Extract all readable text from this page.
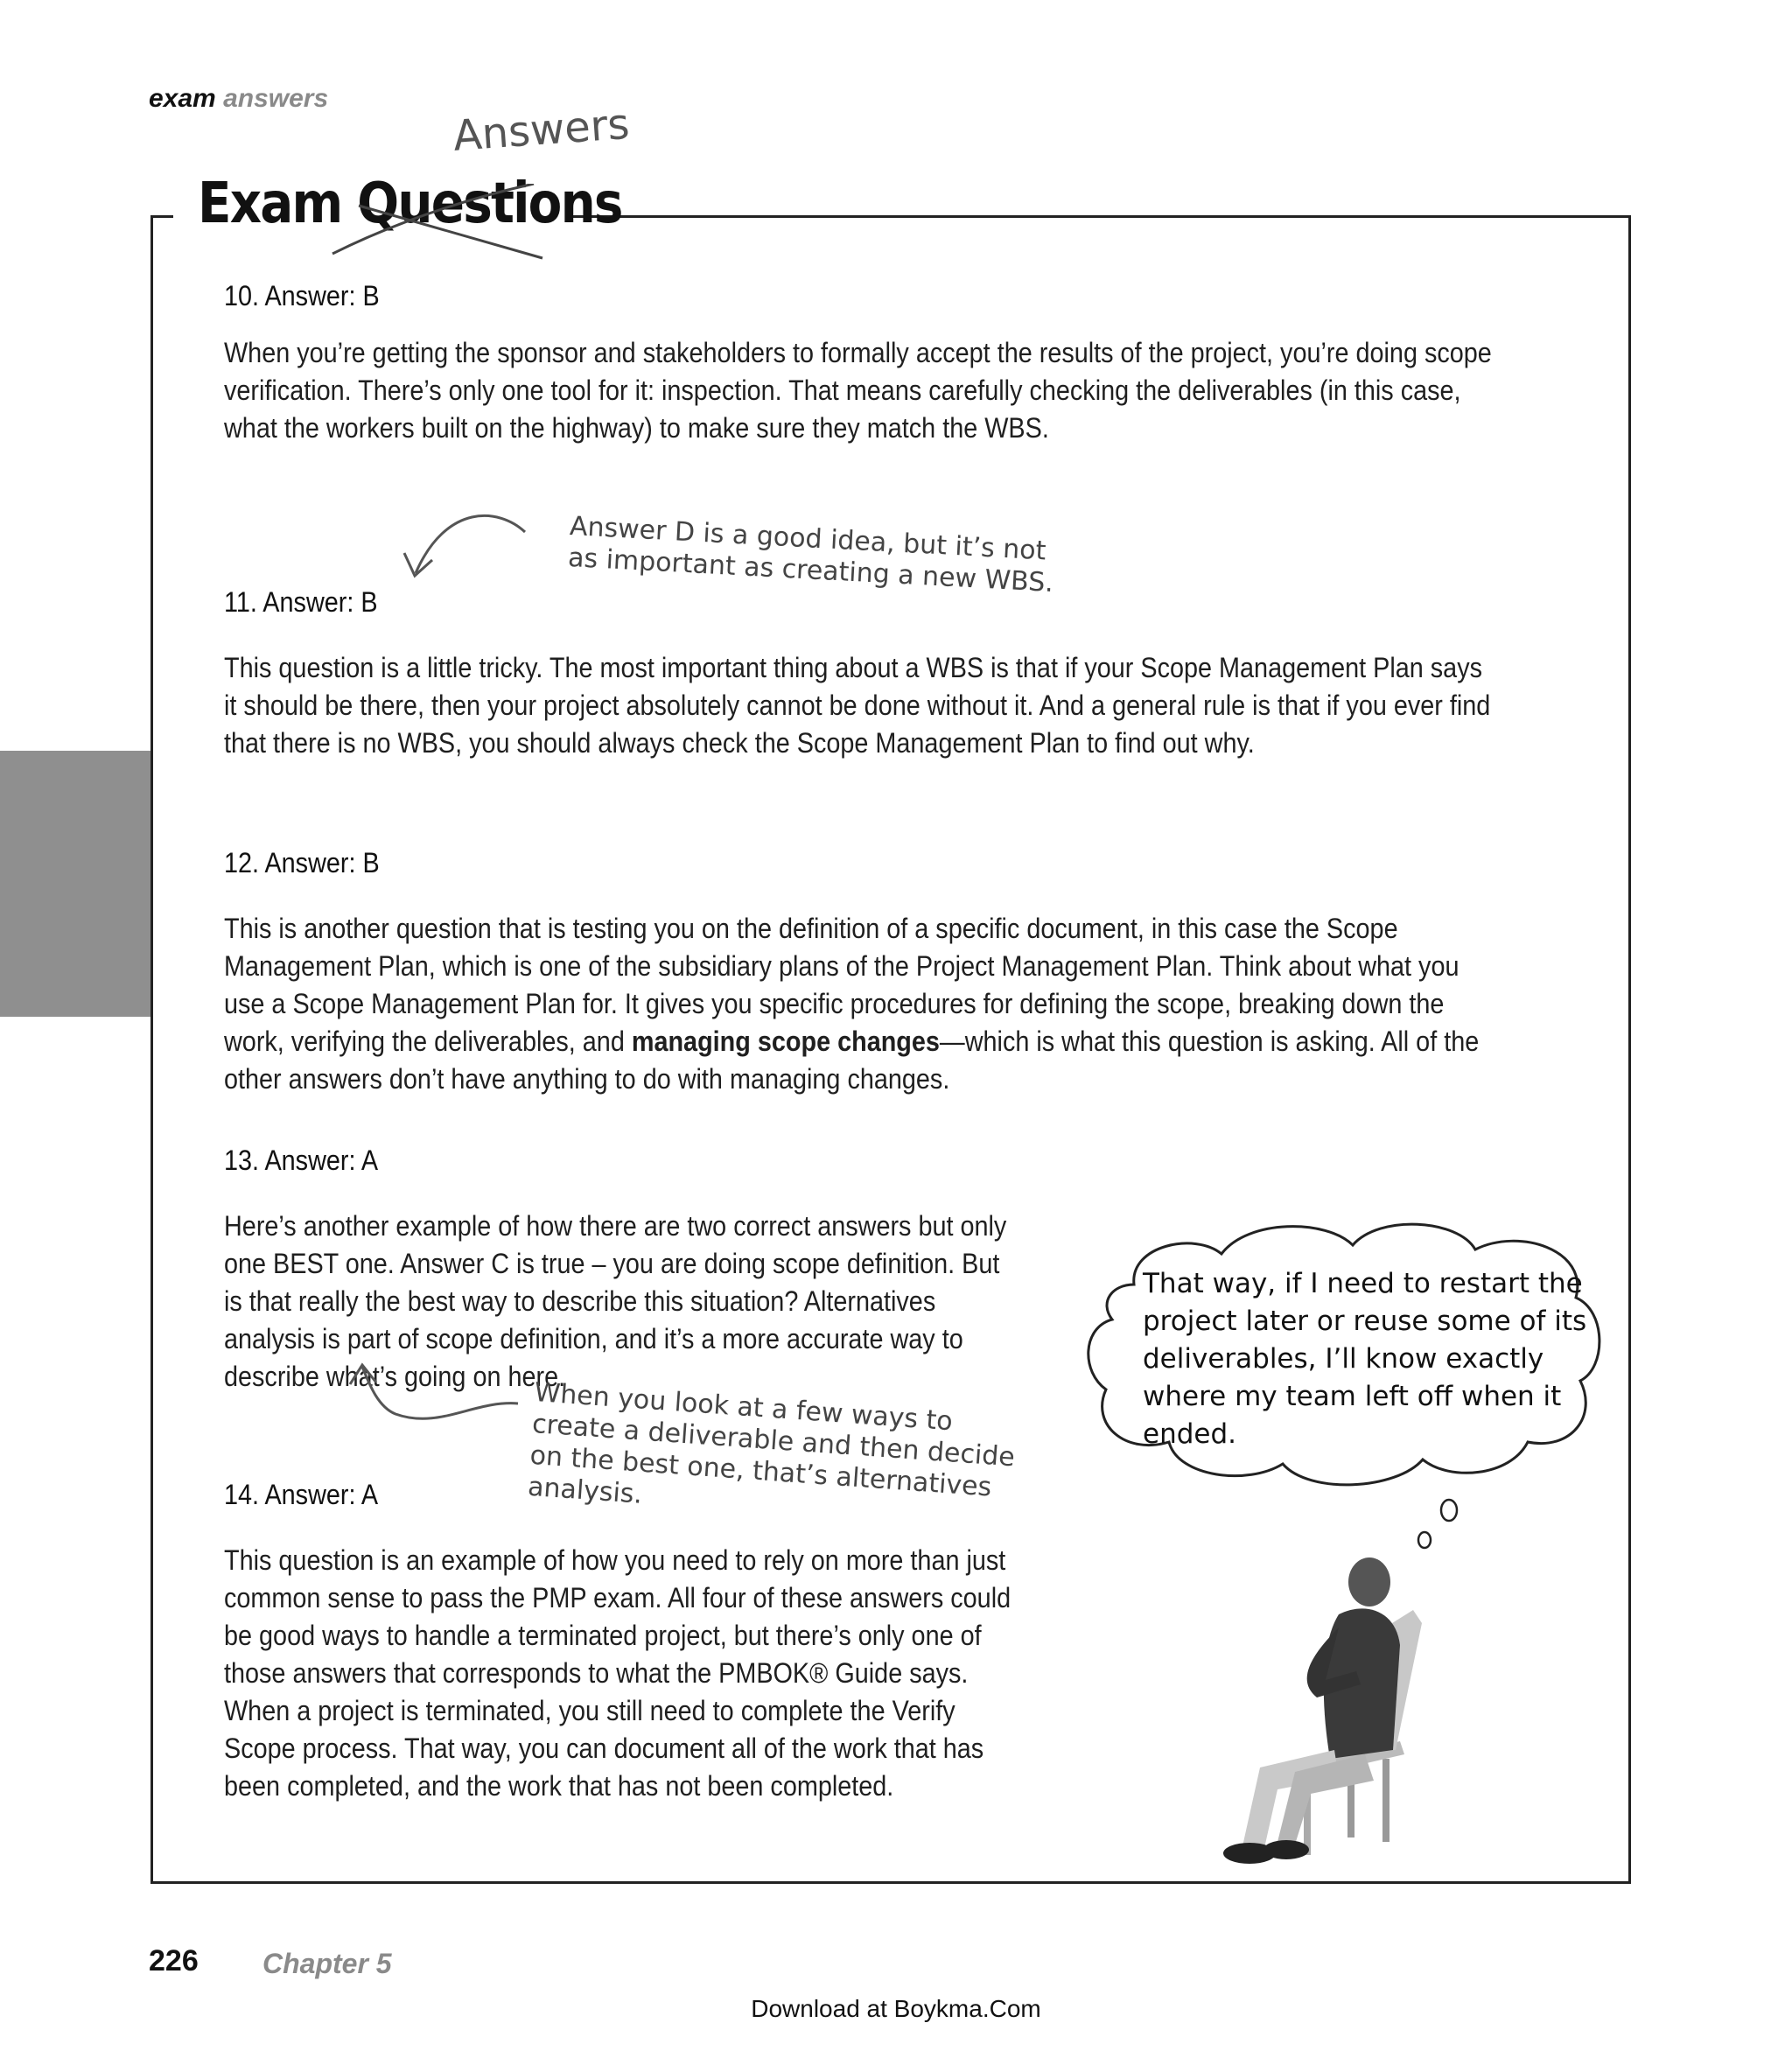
exam answers
Exam Questions
Answers
10. Answer: B

When you’re getting the sponsor and stakeholders to formally accept the results of the project, you’re doing scope verification. There’s only one tool for it: inspection. That means carefully checking the deliverables (in this case, what the workers built on the highway) to make sure they match the WBS.

Answer D is a good idea, but it’s not as important as creating a new WBS.
11. Answer: B

This question is a little tricky. The most important thing about a WBS is that if your Scope Management Plan says it should be there, then your project absolutely cannot be done without it. And a general rule is that if you ever find that there is no WBS, you should always check the Scope Management Plan to find out why.

12. Answer: B

This is another question that is testing you on the definition of a specific document, in this case the Scope Management Plan, which is one of the subsidiary plans of the Project Management Plan. Think about what you use a Scope Management Plan for. It gives you specific procedures for defining the scope, breaking down the work, verifying the deliverables, and managing scope changes—which is what this question is asking. All of the other answers don’t have anything to do with managing changes.

13. Answer: A

Here’s another example of how there are two correct answers but only one BEST one. Answer C is true – you are doing scope definition. But is that really the best way to describe this situation? Alternatives analysis is part of scope definition, and it’s a more accurate way to describe what’s going on here.

When you look at a few ways to create a deliverable and then decide on the best one, that’s alternatives analysis.
14. Answer: A

This question is an example of how you need to rely on more than just common sense to pass the PMP exam. All four of these answers could be good ways to handle a terminated project, but there’s only one of those answers that corresponds to what the PMBOK® Guide says. When a project is terminated, you still need to complete the Verify Scope process. That way, you can document all of the work that has been completed, and the work that has not been completed.

That way, if I need to restart the project later or reuse some of its deliverables, I’ll know exactly where my team left off when it ended.
226 Chapter 5
Download at Boykma.Com
